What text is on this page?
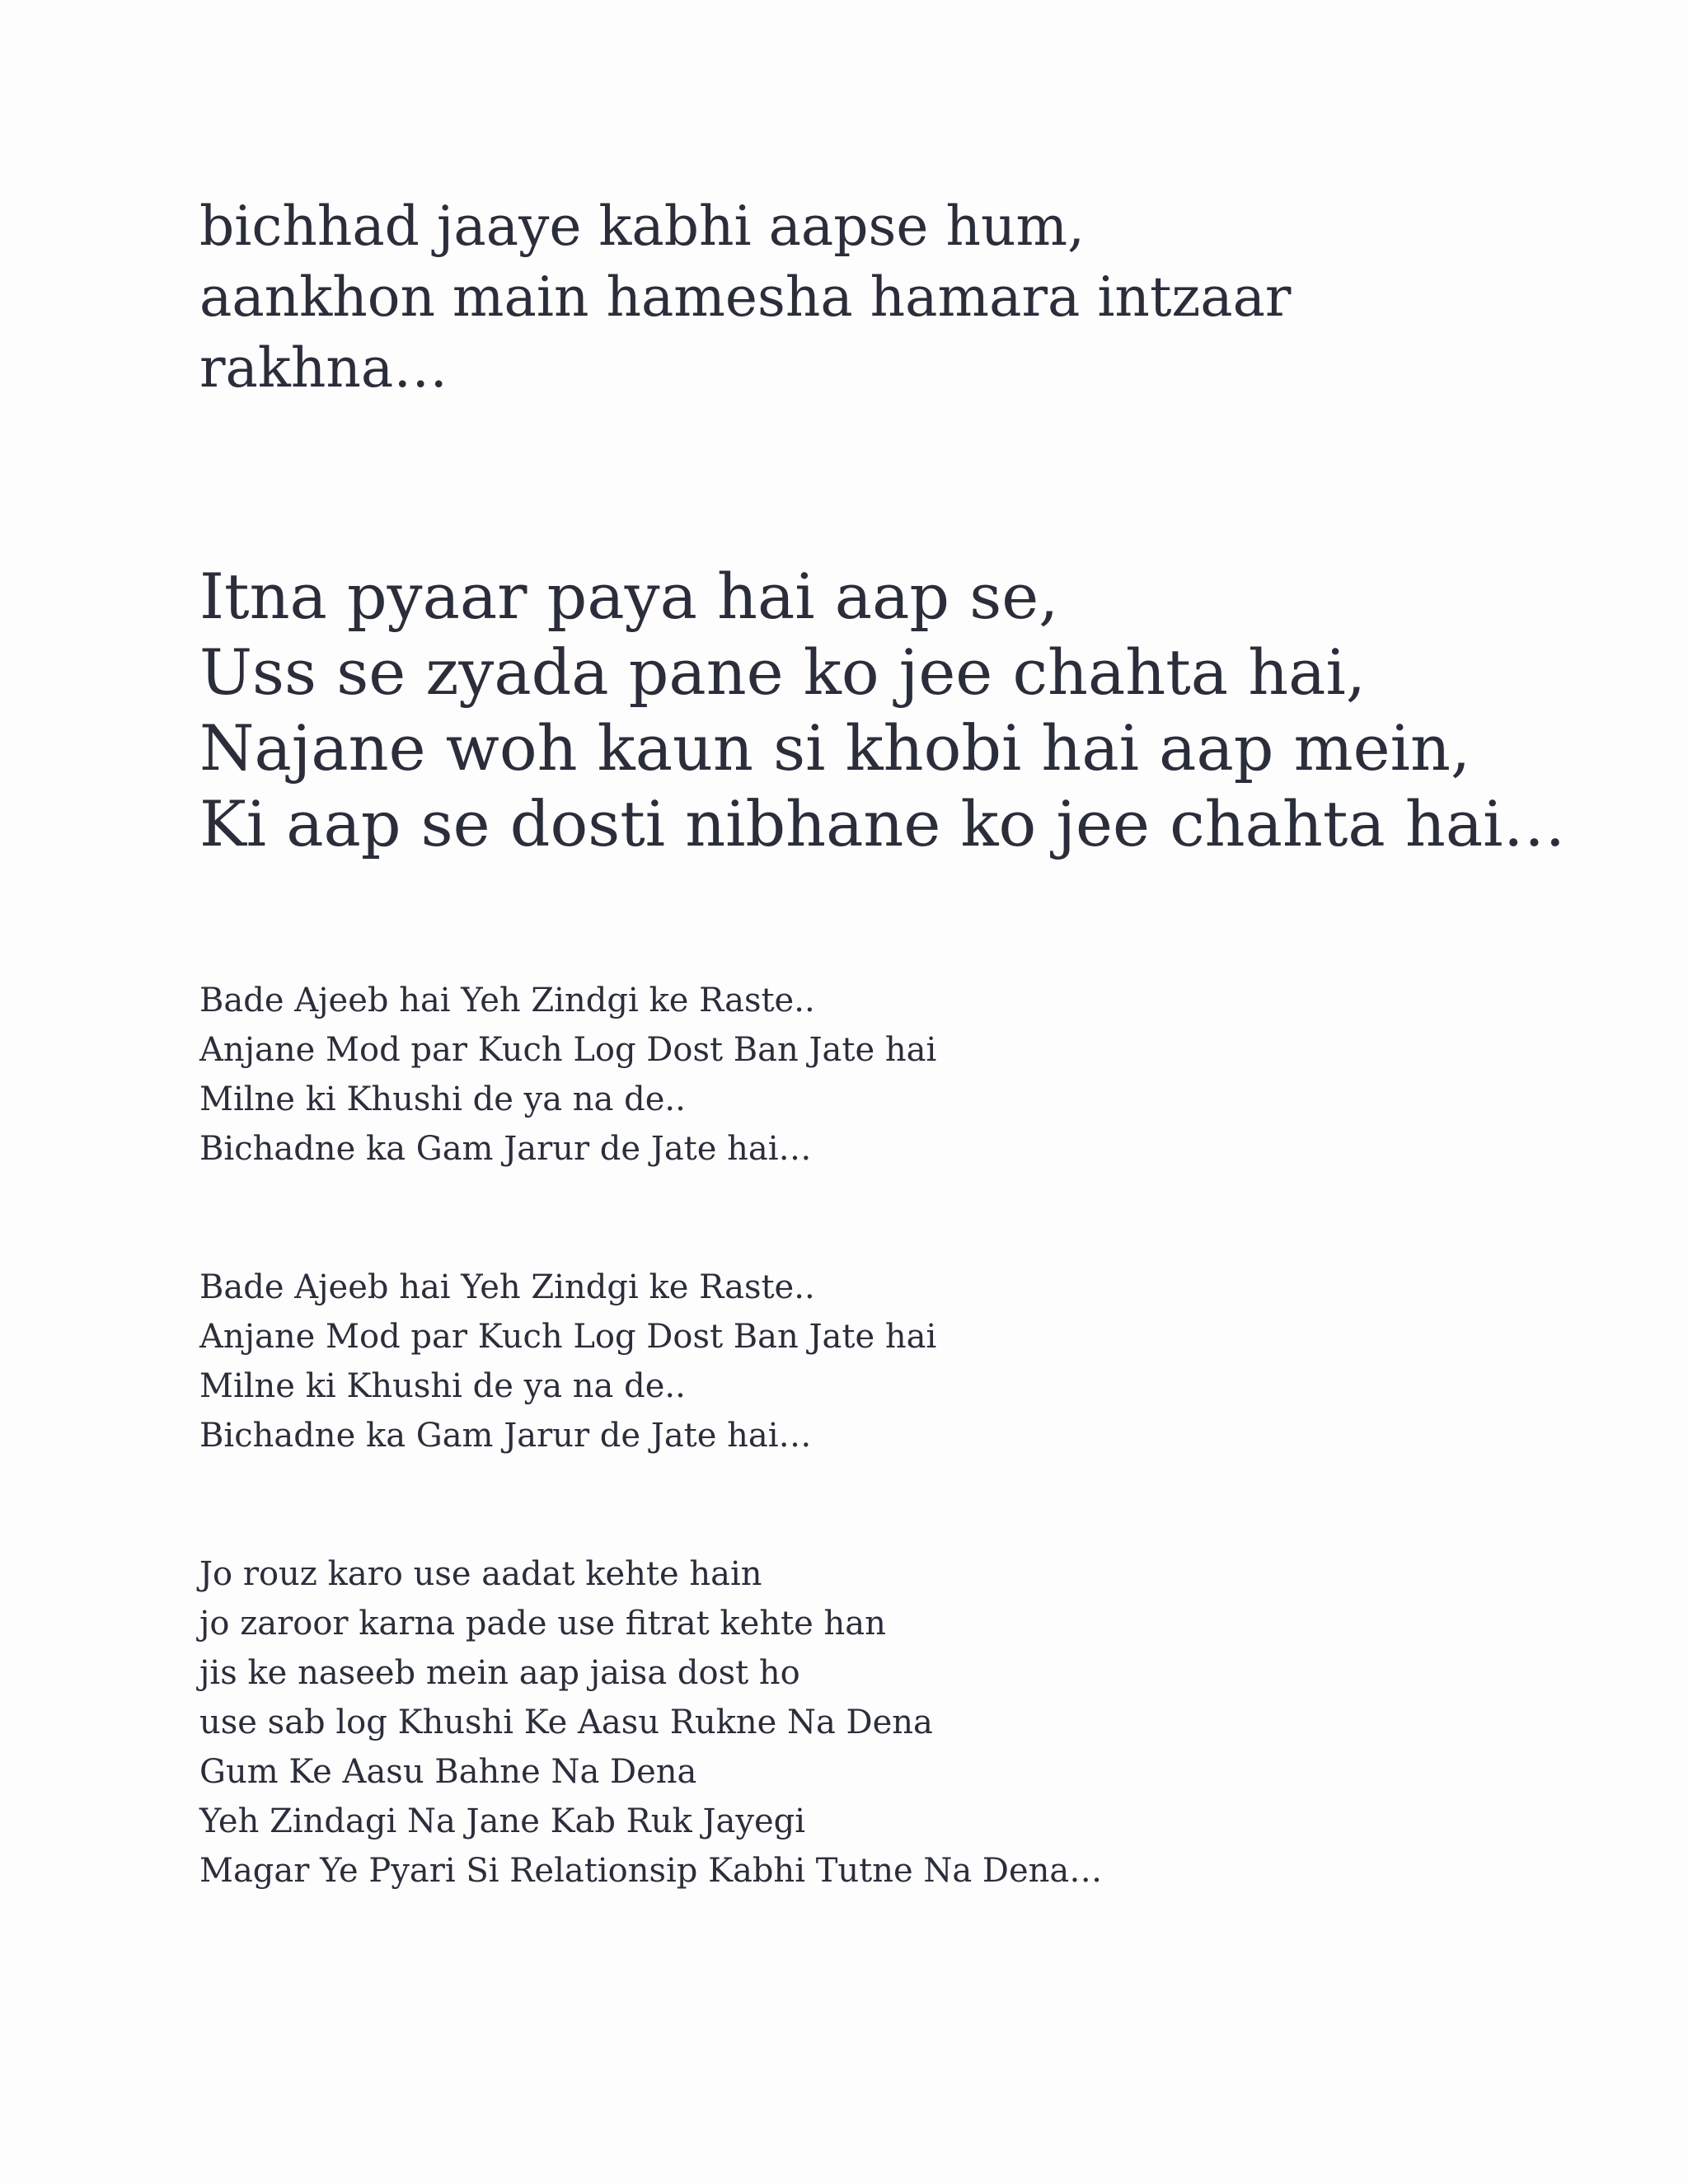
bichhad jaaye kabhi aapse hum,
aankhon main hamesha hamara intzaar
rakhna…
Itna pyaar paya hai aap se,
Uss se zyada pane ko jee chahta hai,
Najane woh kaun si khobi hai aap mein,
Ki aap se dosti nibhane ko jee chahta hai…
Bade Ajeeb hai Yeh Zindgi ke Raste..
Anjane Mod par Kuch Log Dost Ban Jate hai
Milne ki Khushi de ya na de..
Bichadne ka Gam Jarur de Jate hai…
Bade Ajeeb hai Yeh Zindgi ke Raste..
Anjane Mod par Kuch Log Dost Ban Jate hai
Milne ki Khushi de ya na de..
Bichadne ka Gam Jarur de Jate hai…
Jo rouz karo use aadat kehte hain
jo zaroor karna pade use fitrat kehte han
jis ke naseeb mein aap jaisa dost ho
use sab log Khushi Ke Aasu Rukne Na Dena
Gum Ke Aasu Bahne Na Dena
Yeh Zindagi Na Jane Kab Ruk Jayegi
Magar Ye Pyari Si Relationsip Kabhi Tutne Na Dena…
